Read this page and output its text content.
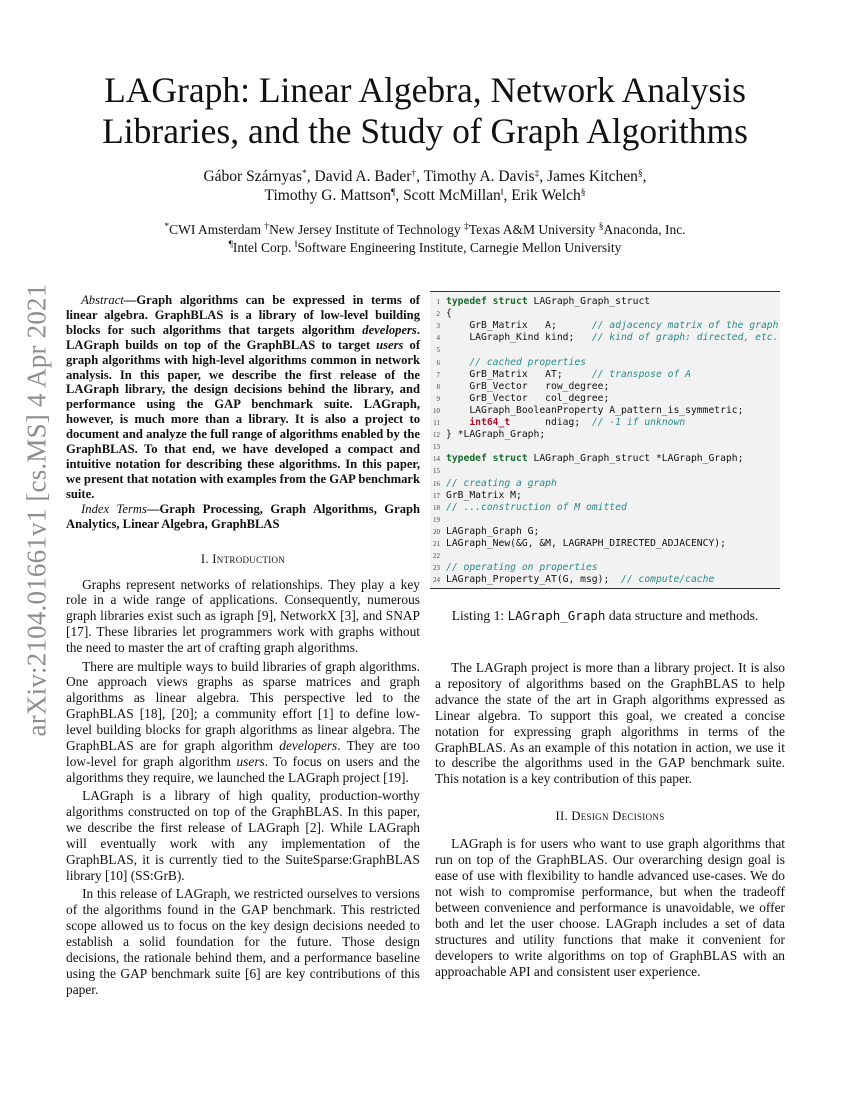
arXiv:2104.01661v1 [cs.MS] 4 Apr 2021
LAGraph: Linear Algebra, Network Analysis
Libraries, and the Study of Graph Algorithms
Gábor Szárnyas*, David A. Bader†, Timothy A. Davis‡, James Kitchen§,
Timothy G. Mattson¶, Scott McMillan‖, Erik Welch§
*CWI Amsterdam †New Jersey Institute of Technology ‡Texas A&M University §Anaconda, Inc.
¶Intel Corp. ‖Software Engineering Institute, Carnegie Mellon University

Abstract—Graph algorithms can be expressed in terms of linear algebra. GraphBLAS is a library of low-level building blocks for such algorithms that targets algorithm developers. LAGraph builds on top of the GraphBLAS to target users of graph algorithms with high-level algorithms common in network analysis. In this paper, we describe the first release of the LAGraph library, the design decisions behind the library, and performance using the GAP benchmark suite. LAGraph, however, is much more than a library. It is also a project to document and analyze the full range of algorithms enabled by the GraphBLAS. To that end, we have developed a compact and intuitive notation for describing these algorithms. In this paper, we present that notation with examples from the GAP benchmark suite.

Index Terms—Graph Processing, Graph Algorithms, Graph Analytics, Linear Algebra, GraphBLAS

I. Introduction

Graphs represent networks of relationships. They play a key role in a wide range of applications. Consequently, numerous graph libraries exist such as igraph [9], NetworkX [3], and SNAP [17]. These libraries let programmers work with graphs without the need to master the art of crafting graph algorithms.

There are multiple ways to build libraries of graph algorithms. One approach views graphs as sparse matrices and graph algorithms as linear algebra. This perspective led to the GraphBLAS [18], [20]; a community effort [1] to define low-level building blocks for graph algorithms as linear algebra. The GraphBLAS are for graph algorithm developers. They are too low-level for graph algorithm users. To focus on users and the algorithms they require, we launched the LAGraph project [19].

LAGraph is a library of high quality, production-worthy algorithms constructed on top of the GraphBLAS. In this paper, we describe the first release of LAGraph [2]. While LAGraph will eventually work with any implementation of the GraphBLAS, it is currently tied to the SuiteSparse:GraphBLAS library [10] (SS:GrB).

In this release of LAGraph, we restricted ourselves to versions of the algorithms found in the GAP benchmark. This restricted scope allowed us to focus on the key design decisions needed to establish a solid foundation for the future. Those design decisions, the rationale behind them, and a performance baseline using the GAP benchmark suite [6] are key contributions of this paper.

1 typedef struct LAGraph_Graph_struct
2 {
3 GrB_Matrix   A;      // adjacency matrix of the graph
4 LAGraph_Kind kind;   // kind of graph: directed, etc.
5
6	// cached properties
7 GrB_Matrix   AT;     // transpose of A
8 GrB_Vector   row_degree;
9 GrB_Vector   col_degree;
10 LAGraph_BooleanProperty A_pattern_is_symmetric;
11	int64_t      ndiag;  // -1 if unknown
12 } *LAGraph_Graph;
13
14 typedef struct LAGraph_Graph_struct *LAGraph_Graph;
15
16 // creating a graph
17 GrB_Matrix M;
18 // ...construction of M omitted
19
20 LAGraph_Graph G;
21 LAGraph_New(&G, &M, LAGRAPH_DIRECTED_ADJACENCY);
22
23 // operating on properties
24 LAGraph_Property_AT(G, msg);  // compute/cache
Listing 1: LAGraph_Graph data structure and methods.

The LAGraph project is more than a library project. It is also a repository of algorithms based on the GraphBLAS to help advance the state of the art in Graph algorithms expressed as Linear algebra. To support this goal, we created a concise notation for expressing graph algorithms in terms of the GraphBLAS. As an example of this notation in action, we use it to describe the algorithms used in the GAP benchmark suite. This notation is a key contribution of this paper.

II. Design Decisions

LAGraph is for users who want to use graph algorithms that run on top of the GraphBLAS. Our overarching design goal is ease of use with flexibility to handle advanced use-cases. We do not wish to compromise performance, but when the tradeoff between convenience and performance is unavoidable, we offer both and let the user choose. LAGraph includes a set of data structures and utility functions that make it convenient for developers to write algorithms on top of GraphBLAS with an approachable API and consistent user experience.
